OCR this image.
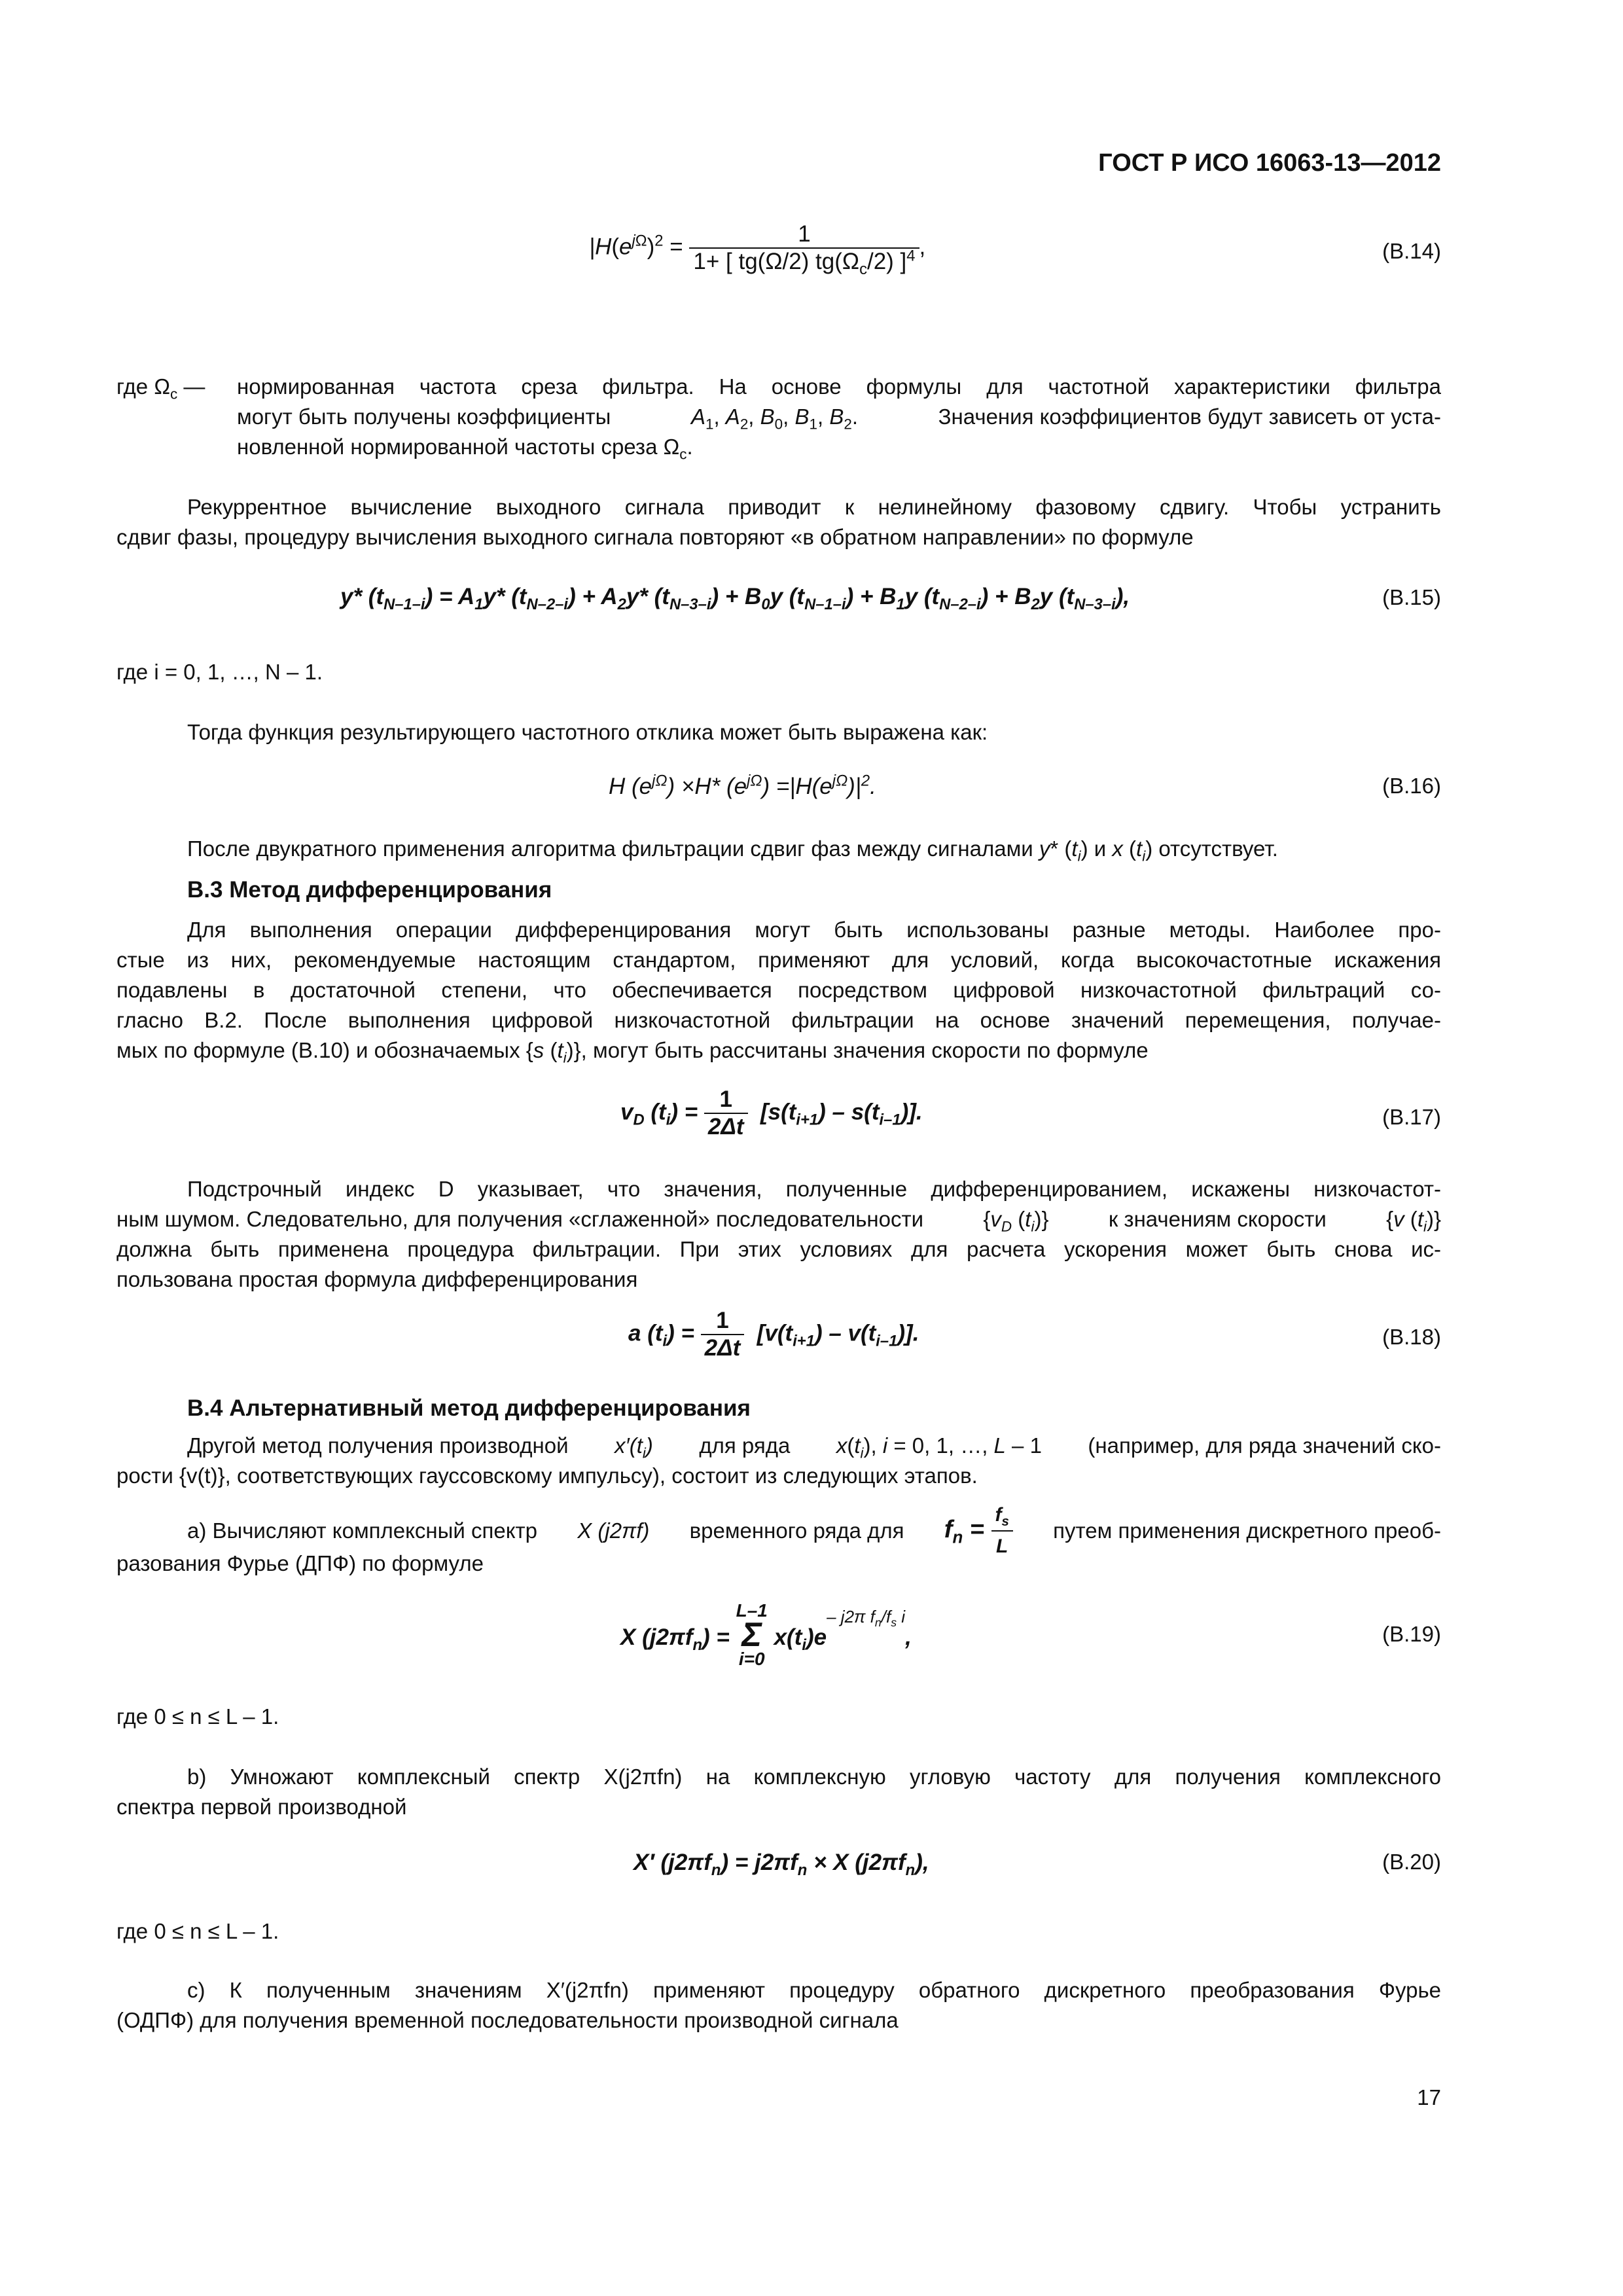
ГОСТ Р ИСО 16063-13—2012
$|H(e^{j\Omega})^2 = \frac{1}{1+ [ tg(\Omega/2) tg(\Omega_c/2) ]^4}$ ,	(В.14)
где $\Omega_c$ — нормированная частота среза фильтра. На основе формулы для частотной характеристики фильтра
могут быть получены коэффициенты	$A_1$, $A_2$, $B_0$, $B_1$, $B_2$.	Значения коэффициентов будут зависеть от уста-
новленной нормированной частоты среза $\Omega_c$.
Рекуррентное вычисление выходного сигнала приводит к нелинейному фазовому сдвигу. Чтобы устранить
сдвиг фазы, процедуру вычисления выходного сигнала повторяют «в обратном направлении» по формуле
y* $(t_{N-1-i}) = A_1y*$ $(t_{N-2-i}) + A_2y*$ $(t_{N-3-i}) + B_0y$ $(t_{N-1-i}) + B_1y$ $(t_{N-2-i}) + B_2y$ $(t_{N-3-i})$,	(В.15)
где i = 0, 1, …, N – 1.
Тогда функция результирующего частотного отклика может быть выражена как:
H $(e^{j\Omega}) \times H*$ $(e^{j\Omega}) =|H(e^{j\Omega})|^2$.	(В.16)
После двукратного применения алгоритма фильтрации сдвиг фаз между сигналами y* $(t_i)$ и x $(t_i)$ отсутствует.
В.3 Метод дифференцирования
Для выполнения операции дифференцирования могут быть использованы разные методы. Наиболее про-
стые из них, рекомендуемые настоящим стандартом, применяют для условий, когда высокочастотные искажения
подавлены в достаточной степени, что обеспечивается посредством цифровой низкочастотной фильтраций со-
гласно В.2. После выполнения цифровой низкочастотной фильтрации на основе значений перемещения, получае-
мых по формуле (В.10) и обозначаемых {s $(t_i)$}, могут быть рассчитаны значения скорости по формуле
$v_D$ $(t_i) = \frac{1}{2\Delta t} [s(t_{i+1}) - s(t_{i-1})]$.	(В.17)
Подстрочный индекс D указывает, что значения, полученные дифференцированием, искажены низкочастот-
ным шумом. Следовательно, для получения «сглаженной» последовательности	{$v_D$ $(t_i)$}	к значениям скорости	{v $(t_i)$}
должна быть применена процедура фильтрации. При этих условиях для расчета ускорения может быть снова ис-
пользована простая формула дифференцирования
a $(t_i) = \frac{1}{2\Delta t} [v(t_{i+1}) - v(t_{i-1})]$.	(В.18)
В.4 Альтернативный метод дифференцирования
Другой метод получения производной $x'(t_i)$ для ряда $x(t_i)$, i = 0, 1, …, L – 1 (например, для ряда значений ско-
рости {v(t)}, соответствующих гауссовскому импульсу), состоит из следующих этапов.
a) Вычисляют комплексный спектр X (j2πf) временного ряда для $f_n = \frac{f_s}{L}$ путем применения дискретного преоб-
разования Фурье (ДПФ) по формуле
X $(j2\pi f_n) = L-1$
Σ
i=0 $x(t_i)e-$ j2π $f_n/f_s$ i,	(В.19)
где 0 ≤ n ≤ L – 1.
b) Умножают комплексный спектр X(j2πfn) на комплексную угловую частоту для получения комплексного
спектра первой производной
X′ $(j2\pi f_n) = j2\pi f_n \times X$ $(j2\pi f_n)$,	(В.20)
где 0 ≤ n ≤ L – 1.
c) К полученным значениям X′(j2πfn) применяют процедуру обратного дискретного преобразования Фурье
(ОДПФ) для получения временной последовательности производной сигнала
17
